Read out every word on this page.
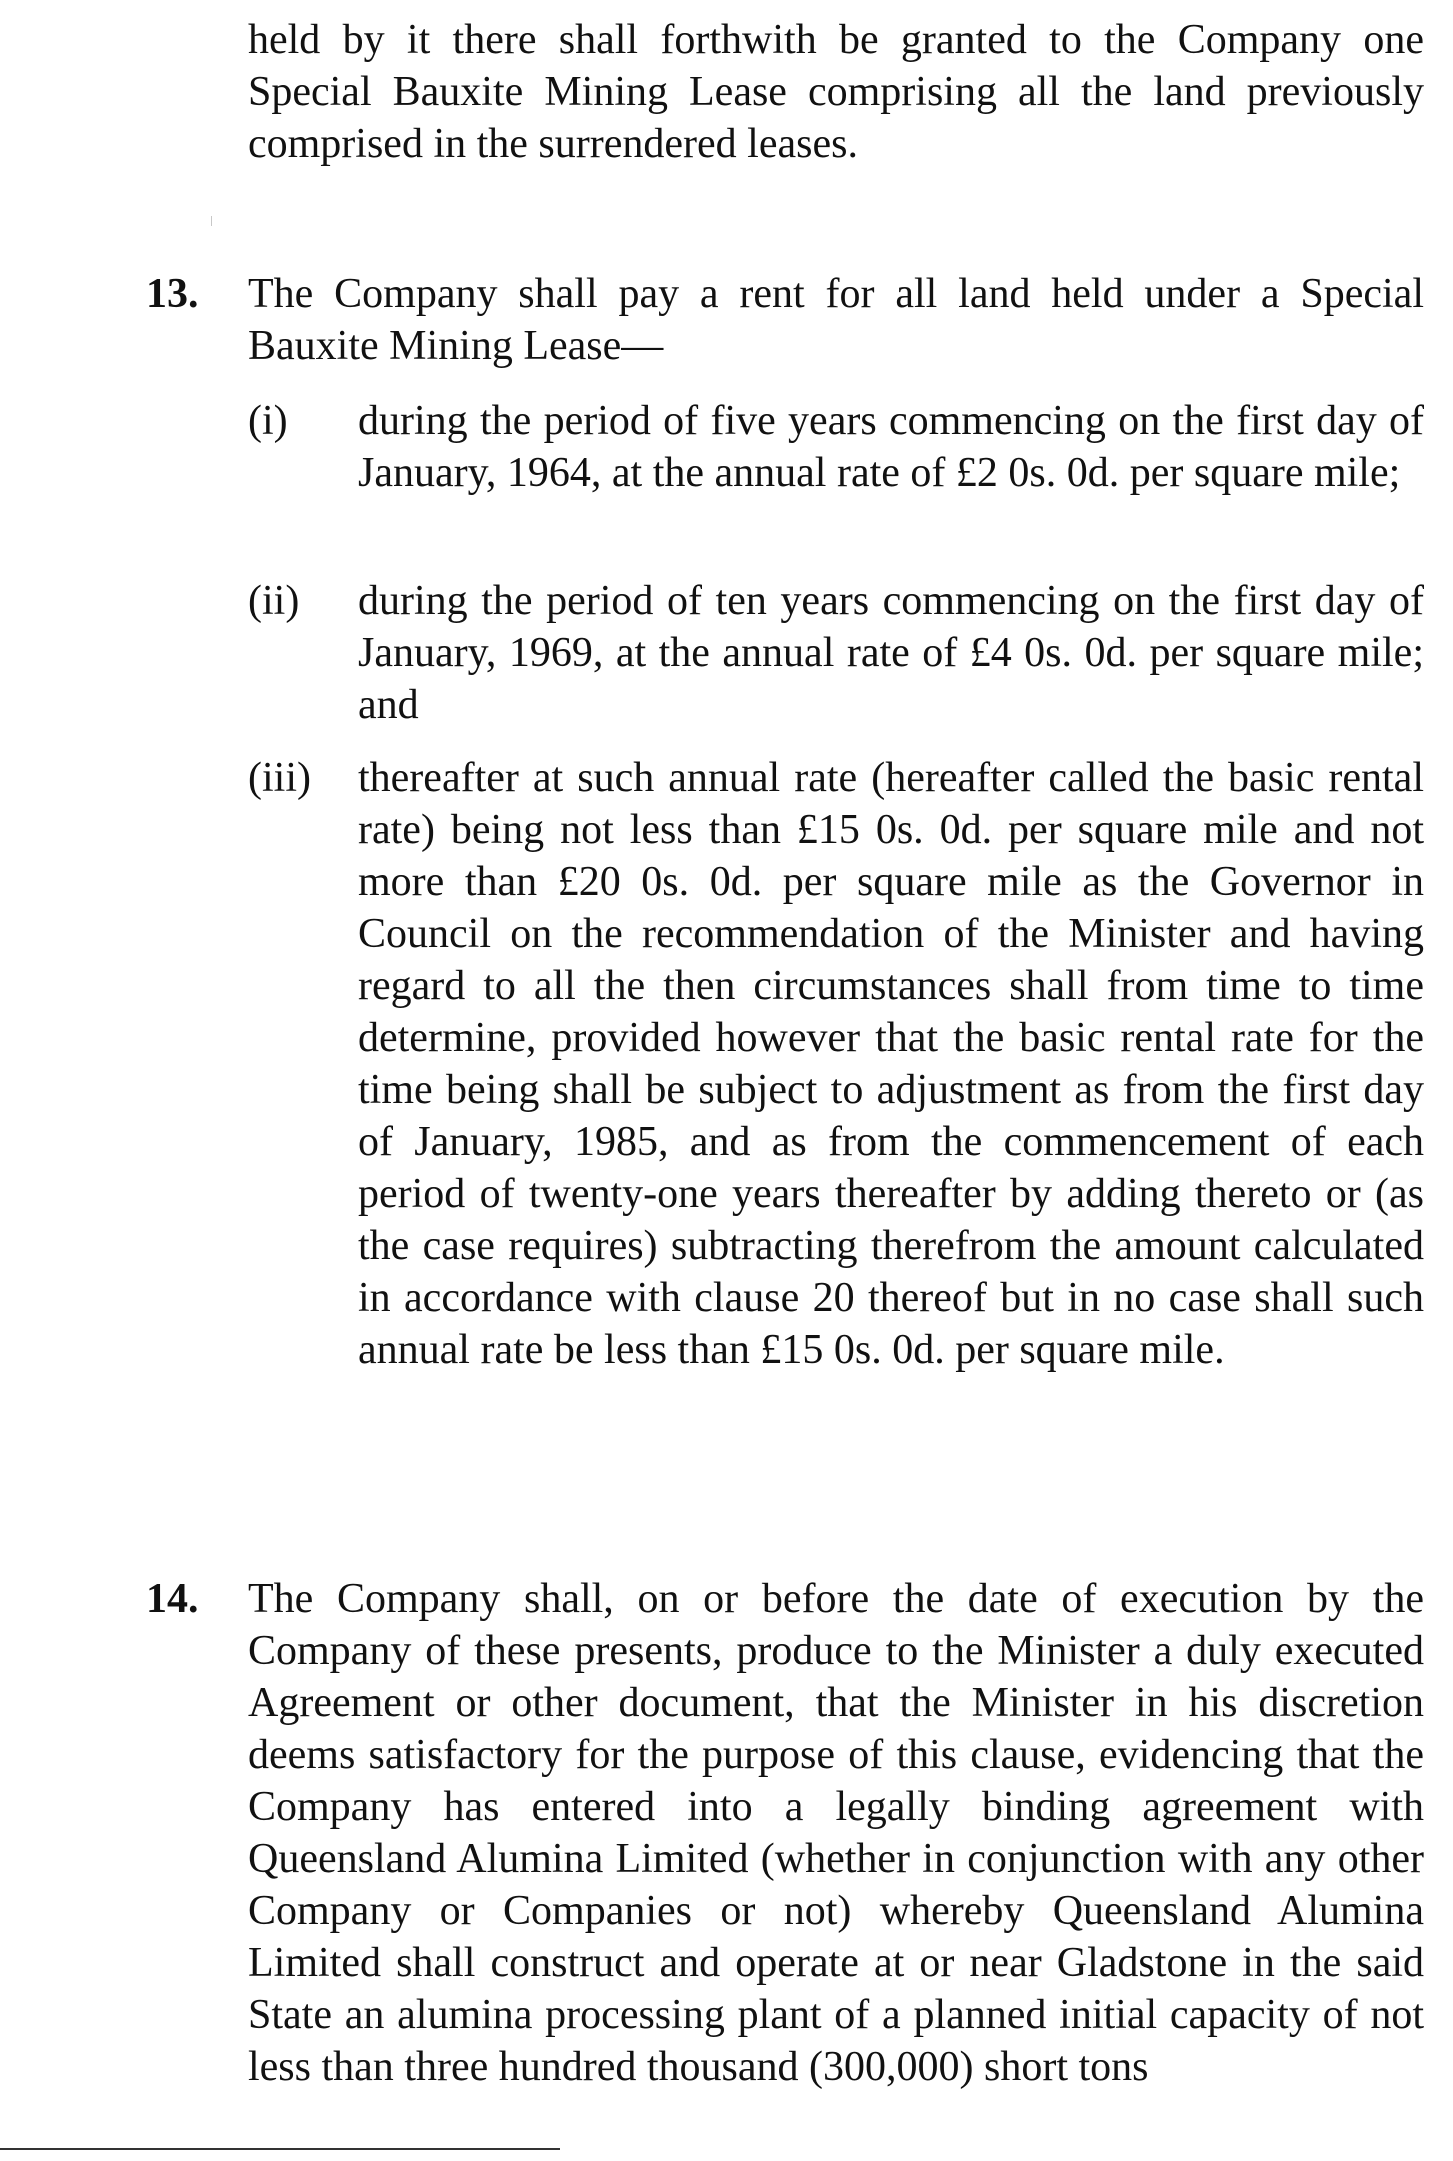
held by it there shall forthwith be granted to the Company one Special Bauxite Mining Lease comprising all the land previously comprised in the surrendered leases.

13. The Company shall pay a rent for all land held under a Special Bauxite Mining Lease—

(i) during the period of five years commencing on the first day of January, 1964, at the annual rate of £2 0s. 0d. per square mile;

(ii) during the period of ten years commencing on the first day of January, 1969, at the annual rate of £4 0s. 0d. per square mile; and

(iii) thereafter at such annual rate (hereafter called the basic rental rate) being not less than £15 0s. 0d. per square mile and not more than £20 0s. 0d. per square mile as the Governor in Council on the recommendation of the Minister and having regard to all the then circumstances shall from time to time determine, provided however that the basic rental rate for the time being shall be subject to adjustment as from the first day of January, 1985, and as from the commencement of each period of twenty-one years thereafter by adding thereto or (as the case requires) subtracting therefrom the amount calculated in accordance with clause 20 thereof but in no case shall such annual rate be less than £15 0s. 0d. per square mile.

14. The Company shall, on or before the date of execution by the Company of these presents, produce to the Minister a duly executed Agreement or other document, that the Minister in his discretion deems satisfactory for the purpose of this clause, evidencing that the Company has entered into a legally binding agreement with Queensland Alumina Limited (whether in conjunction with any other Company or Companies or not) whereby Queensland Alumina Limited shall construct and operate at or near Gladstone in the said State an alumina processing plant of a planned initial capacity of not less than three hundred thousand (300,000) short tons
